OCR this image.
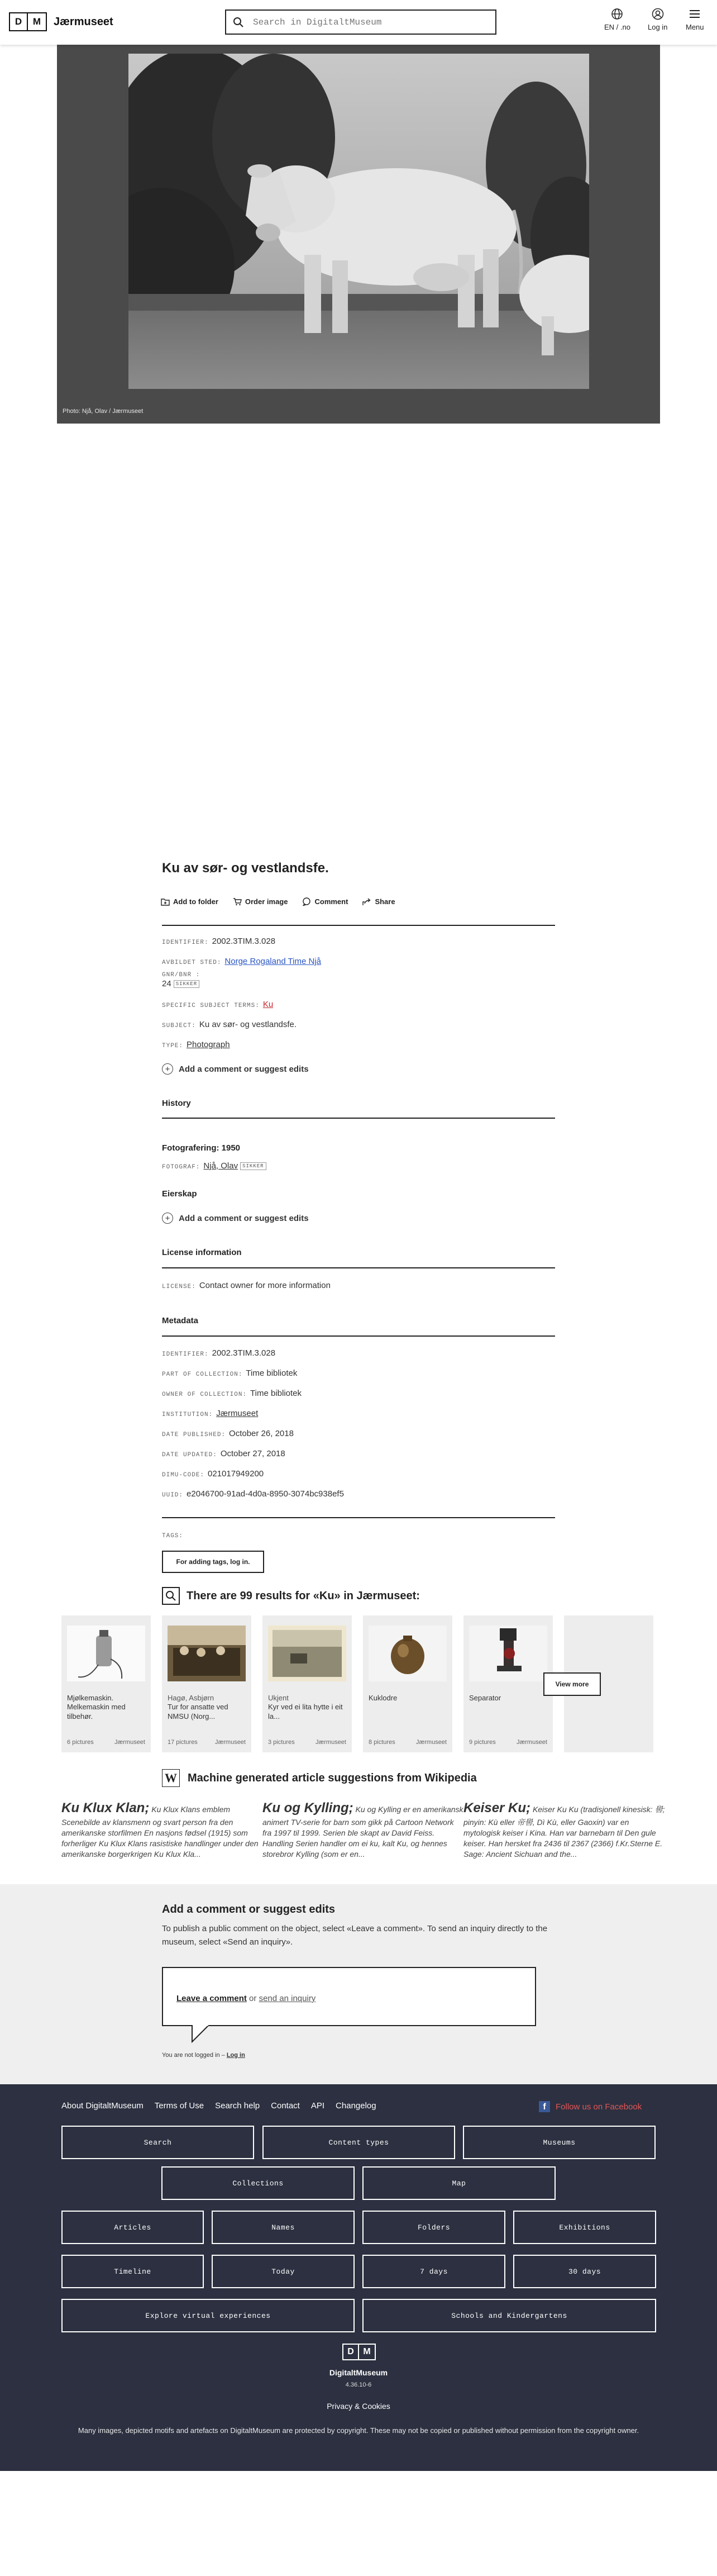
D	M	Jærmuseet
Search in DigitaltMuseum	EN / .no Log in	Menu
Photo: Njå, Olav / Jærmuseet
Ku av sør- og vestlandsfe.
Add to folder	Order image	Comment	Share
IDENTIFIER: 2002.3TIM.3.028
AVBILDET STED: Norge Rogaland Time Njå
GNR/BNR :
24 SIKKER
SPECIFIC SUBJECT TERMS: Ku
SUBJECT: Ku av sør- og vestlandsfe.
TYPE: Photograph
+	Add a comment or suggest edits
History
Fotografering: 1950
FOTOGRAF: Njå, Olav SIKKER
Eierskap
+	Add a comment or suggest edits
License information
LICENSE: Contact owner for more information
Metadata
IDENTIFIER: 2002.3TIM.3.028
PART OF COLLECTION: Time bibliotek
OWNER OF COLLECTION: Time bibliotek
INSTITUTION: Jærmuseet
DATE PUBLISHED: October 26, 2018
DATE UPDATED: October 27, 2018
DIMU-CODE: 021017949200
UUID: e2046700-91ad-4d0a-8950-3074bc938ef5
TAGS:
For adding tags, log in.
There are 99 results for «Ku» in Jærmuseet:
Mjølkemaskin. Melkemaskin med tilbehør.
6 pictures	Jærmuseet
Hagø, Asbjørn
Tur for ansatte ved NMSU (Norg...
17 pictures	Jærmuseet
Ukjent
Kyr ved ei lita hytte i eit la...
3 pictures	Jærmuseet
Kuklodre
8 pictures	Jærmuseet
Separator
9 pictures	Jærmuseet
View more
W Machine generated article suggestions from Wikipedia
Ku Klux Klan; Ku Klux Klans emblem Scenebilde av klansmenn og svart person fra den amerikanske storfilmen En nasjons fødsel (1915) som forherliger Ku Klux Klans rasistiske handlinger under den amerikanske borgerkrigen Ku Klux Kla...
Ku og Kylling; Ku og Kylling er en amerikansk animert TV-serie for barn som gikk på Cartoon Network fra 1997 til 1999. Serien ble skapt av David Feiss. Handling Serien handler om ei ku, kalt Ku, og hennes storebror Kylling (som er en...
Keiser Ku; Keiser Ku Ku (tradisjonell kinesisk: 嚳; pinyin: Kù eller 帝嚳, Dì Kù, eller Gaoxin) var en mytologisk keiser i Kina. Han var barnebarn til Den gule keiser. Han hersket fra 2436 til 2367 (2366) f.Kr.Sterne E. Sage: Ancient Sichuan and the...
Add a comment or suggest edits

To publish a public comment on the object, select «Leave a comment». To send an inquiry directly to the museum, select «Send an inquiry».

Leave a comment or send an inquiry
You are not logged in – Log in
About DigitaltMuseum Terms of Use Search help Contact API Changelog	f	Follow us on Facebook
Search	Content types	Museums
Collections	Map
Articles	Names	Folders	Exhibitions
Timeline	Today	7 days	30 days
Explore virtual experiences	Schools and Kindergartens
D	M
DigitaltMuseum
4.36.10-6
Privacy & Cookies
Many images, depicted motifs and artefacts on DigitaltMuseum are protected by copyright. These may not be copied or published without permission from the copyright owner.
